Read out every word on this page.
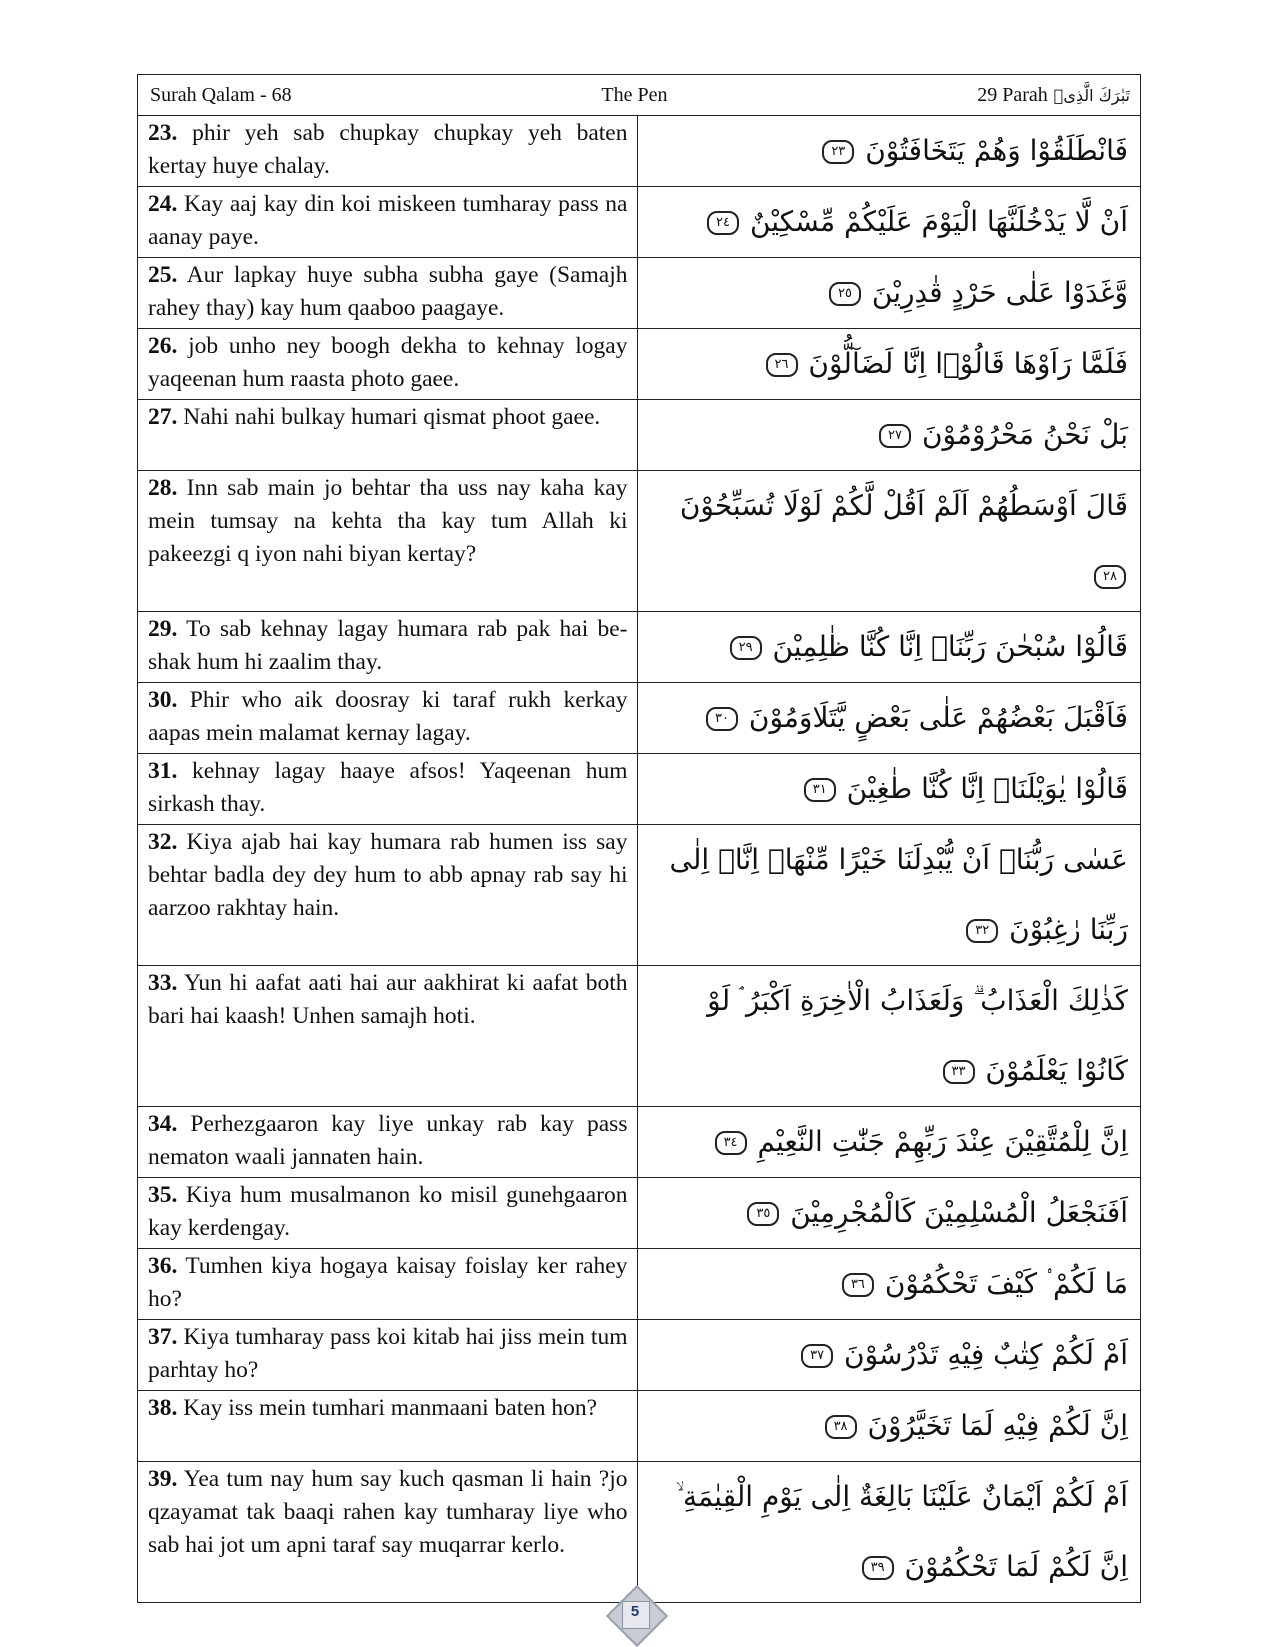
Surah Qalam - 68 The Pen 29 Parah تَبٰرَكَ الَّذِیۡ	

23. phir yeh sab chupkay chupkay yeh baten kertay huye chalay.	فَانْطَلَقُوْا وَهُمْ يَتَخَافَتُوْنَ ٢٣

24. Kay aaj kay din koi miskeen tumharay pass na aanay paye.	اَنْ لَّا يَدْخُلَنَّهَا الْيَوْمَ عَلَيْكُمْ مِّسْكِيْنٌ ٢٤

25. Aur lapkay huye subha subha gaye (Samajh rahey thay) kay hum qaaboo paagaye.	وَّغَدَوْا عَلٰى حَرْدٍ قٰدِرِيْنَ ٢٥

26. job unho ney boogh dekha to kehnay logay yaqeenan hum raasta photo gaee.	فَلَمَّا رَاَوْهَا قَالُوْۤا اِنَّا لَضَآلُّوْنَ ٢٦

27. Nahi nahi bulkay humari qismat phoot gaee.	بَلْ نَحْنُ مَحْرُوْمُوْنَ ٢٧

28. Inn sab main jo behtar tha uss nay kaha kay mein tumsay na kehta tha kay tum Allah ki pakeezgi q iyon nahi biyan kertay?	قَالَ اَوْسَطُهُمْ اَلَمْ اَقُلْ لَّكُمْ لَوْلَا تُسَبِّحُوْنَ ٢٨

29. To sab kehnay lagay humara rab pak hai be-shak hum hi zaalim thay.	قَالُوْا سُبْحٰنَ رَبِّنَاۤ اِنَّا كُنَّا ظٰلِمِيْنَ ٢٩

30. Phir who aik doosray ki taraf rukh kerkay aapas mein malamat kernay lagay.	فَاَقْبَلَ بَعْضُهُمْ عَلٰى بَعْضٍ يَّتَلَاوَمُوْنَ ٣٠

31. kehnay lagay haaye afsos! Yaqeenan hum sirkash thay.	قَالُوْا يٰوَيْلَنَاۤ اِنَّا كُنَّا طٰغِيْنَ ٣١

32. Kiya ajab hai kay humara rab humen iss say behtar badla dey dey hum to abb apnay rab say hi aarzoo rakhtay hain.	عَسٰى رَبُّنَاۤ اَنْ يُّبْدِلَنَا خَيْرًا مِّنْهَاۤ اِنَّاۤ اِلٰى رَبِّنَا رٰغِبُوْنَ ٣٢

33. Yun hi aafat aati hai aur aakhirat ki aafat both bari hai kaash! Unhen samajh hoti.	كَذٰلِكَ الْعَذَابُ ۗ وَلَعَذَابُ الْاٰخِرَةِ اَكْبَرُ ۘ لَوْ كَانُوْا يَعْلَمُوْنَ ٣٣

34. Perhezgaaron kay liye unkay rab kay pass nematon waali jannaten hain.	اِنَّ لِلْمُتَّقِيْنَ عِنْدَ رَبِّهِمْ جَنّٰتِ النَّعِيْمِ ٣٤

35. Kiya hum musalmanon ko misil gunehgaaron kay kerdengay.	اَفَنَجْعَلُ الْمُسْلِمِيْنَ كَالْمُجْرِمِيْنَ ٣٥

36. Tumhen kiya hogaya kaisay foislay ker rahey ho?	مَا لَكُمْ ۟ كَيْفَ تَحْكُمُوْنَ ٣٦

37. Kiya tumharay pass koi kitab hai jiss mein tum parhtay ho?	اَمْ لَكُمْ كِتٰبٌ فِيْهِ تَدْرُسُوْنَ ٣٧

38. Kay iss mein tumhari manmaani baten hon?	اِنَّ لَكُمْ فِيْهِ لَمَا تَخَيَّرُوْنَ ٣٨

39. Yea tum nay hum say kuch qasman li hain ?jo qzayamat tak baaqi rahen kay tumharay liye who sab hai jot um apni taraf say muqarrar kerlo.	اَمْ لَكُمْ اَيْمَانٌ عَلَيْنَا بَالِغَةٌ اِلٰى يَوْمِ الْقِيٰمَةِ ۙ اِنَّ لَكُمْ لَمَا تَحْكُمُوْنَ ٣٩
5
